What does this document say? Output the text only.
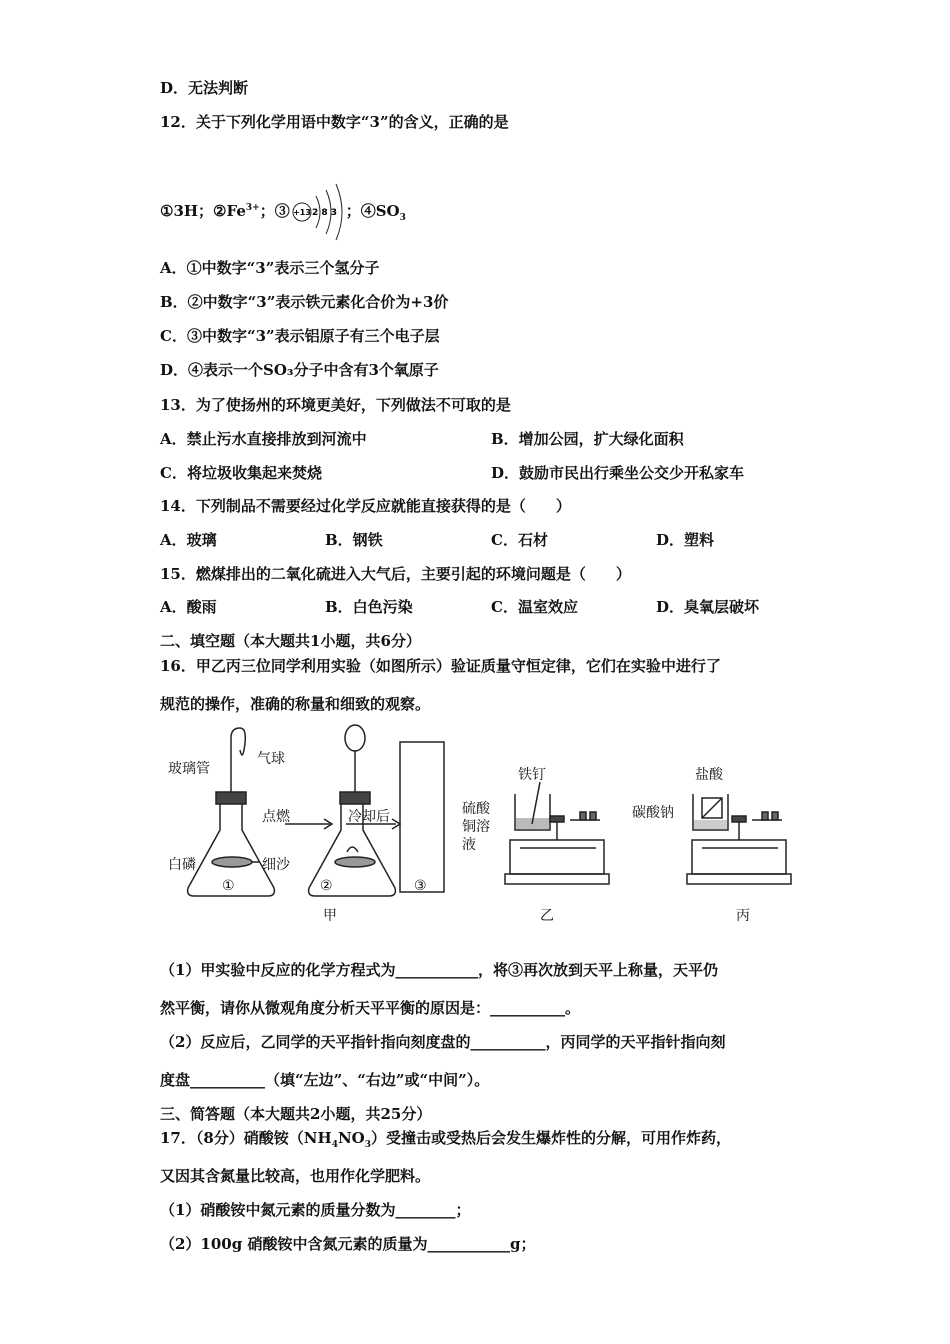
D．无法判断
12．关于下列化学用语中数字“3”的含义，正确的是
①3H；$②Fe^{3+}$；③ +13 2 8 3 ；$④SO_3$
A．①中数字“3”表示三个氢分子
B．②中数字“3”表示铁元素化合价为+3价
C．③中数字“3”表示铝原子有三个电子层
D．④表示一个SO₃分子中含有3个氧原子
13．为了使扬州的环境更美好，下列做法不可取的是
A．禁止污水直接排放到河流中	B．增加公园，扩大绿化面积
C．将垃圾收集起来焚烧	D．鼓励市民出行乘坐公交少开私家车
14．下列制品不需要经过化学反应就能直接获得的是（　　）
A．玻璃	B．钢铁	C．石材	D．塑料
15．燃煤排出的二氧化硫进入大气后，主要引起的环境问题是（　　）
A．酸雨	B．白色污染	C．温室效应	D．臭氧层破坏
二、填空题（本大题共1小题，共6分）
16．甲乙丙三位同学利用实验（如图所示）验证质量守恒定律，它们在实验中进行了
规范的操作，准确的称量和细致的观察。
玻璃管
气球
点燃	冷却后
白磷	细沙
①	②	③
甲
铁钉
硫酸
铜溶
液
乙
盐酸
碳酸钠
丙
（1）甲实验中反应的化学方程式为___________，将③再次放到天平上称量，天平仍
然平衡，请你从微观角度分析天平平衡的原因是：__________。
（2）反应后，乙同学的天平指针指向刻度盘的__________，丙同学的天平指针指向刻
度盘__________（填“左边”、“右边”或“中间”）。
三、简答题（本大题共2小题，共25分）
17．（8分）硝酸铵$(NH_4NO_3)$受撞击或受热后会发生爆炸性的分解，可用作炸药，
又因其含氮量比较高，也用作化学肥料。
（1）硝酸铵中氮元素的质量分数为________；
（2）100g 硝酸铵中含氮元素的质量为___________g；
